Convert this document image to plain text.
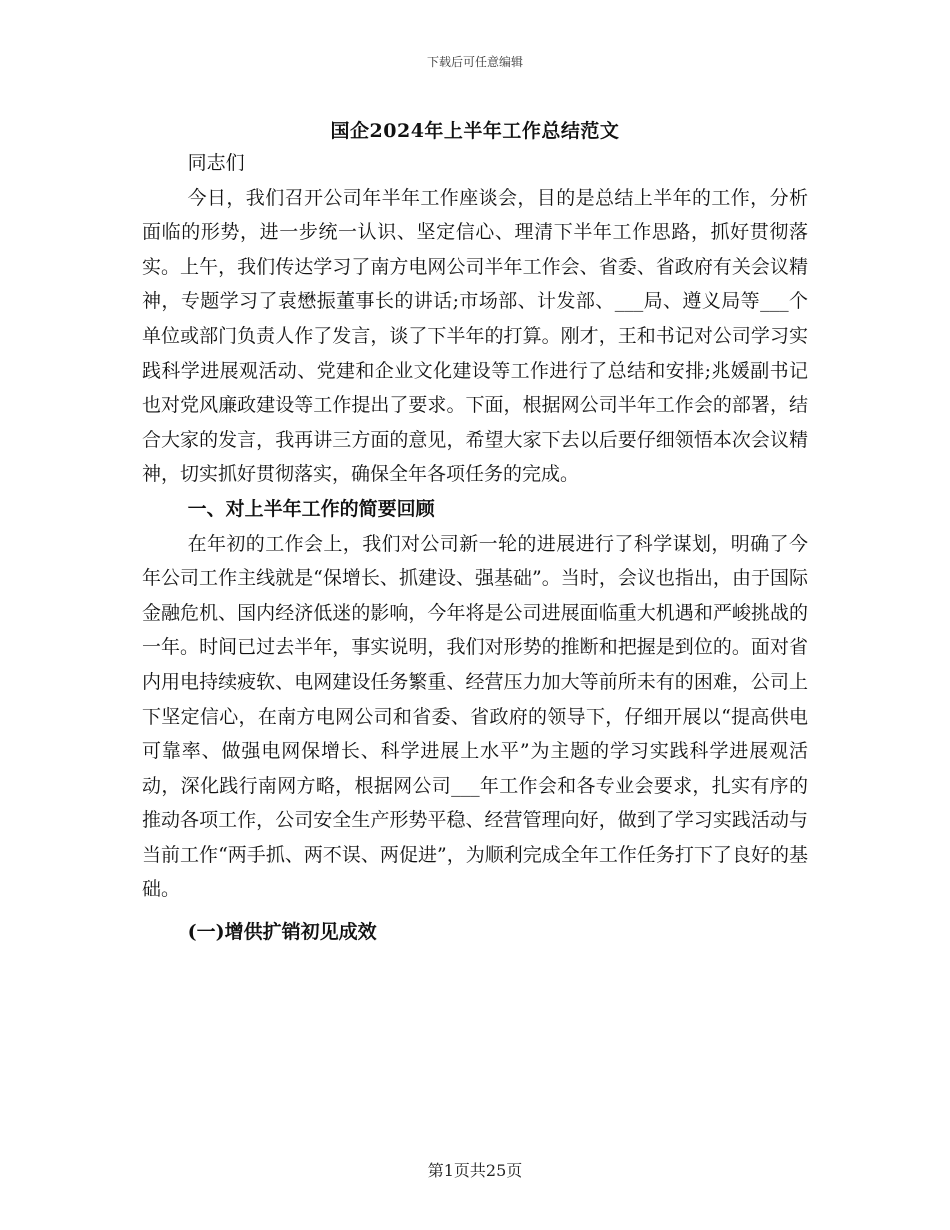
下载后可任意编辑
国企2024年上半年工作总结范文

同志们

今日，我们召开公司年半年工作座谈会，目的是总结上半年的工作，分析面临的形势，进一步统一认识、坚定信心、理清下半年工作思路，抓好贯彻落实。上午，我们传达学习了南方电网公司半年工作会、省委、省政府有关会议精神，专题学习了袁懋振董事长的讲话;市场部、计发部、___局、遵义局等___个单位或部门负责人作了发言，谈了下半年的打算。刚才，王和书记对公司学习实践科学进展观活动、党建和企业文化建设等工作进行了总结和安排;兆媛副书记也对党风廉政建设等工作提出了要求。下面，根据网公司半年工作会的部署，结合大家的发言，我再讲三方面的意见，希望大家下去以后要仔细领悟本次会议精神，切实抓好贯彻落实，确保全年各项任务的完成。

一、对上半年工作的简要回顾

在年初的工作会上，我们对公司新一轮的进展进行了科学谋划，明确了今年公司工作主线就是“保增长、抓建设、强基础”。当时，会议也指出，由于国际金融危机、国内经济低迷的影响，今年将是公司进展面临重大机遇和严峻挑战的一年。时间已过去半年，事实说明，我们对形势的推断和把握是到位的。面对省内用电持续疲软、电网建设任务繁重、经营压力加大等前所未有的困难，公司上下坚定信心，在南方电网公司和省委、省政府的领导下，仔细开展以“提高供电可靠率、做强电网保增长、科学进展上水平”为主题的学习实践科学进展观活动，深化践行南网方略，根据网公司___年工作会和各专业会要求，扎实有序的推动各项工作，公司安全生产形势平稳、经营管理向好，做到了学习实践活动与当前工作“两手抓、两不误、两促进”，为顺利完成全年工作任务打下了良好的基础。

(一)增供扩销初见成效

第1页共25页
